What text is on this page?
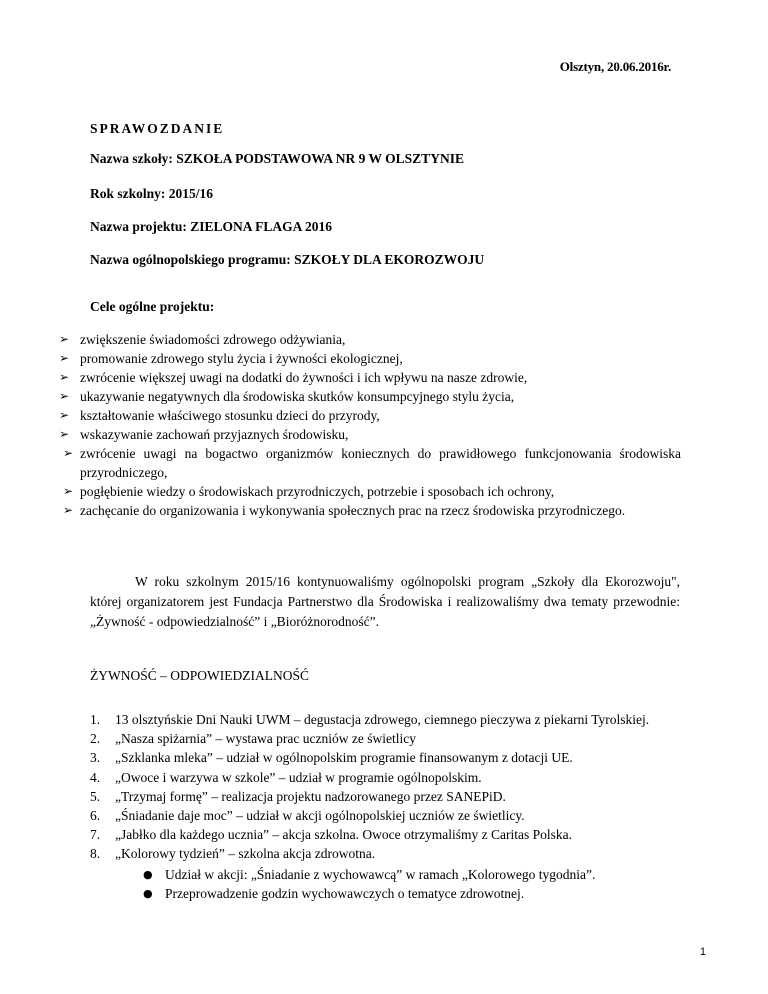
Olsztyn, 20.06.2016r.
SPRAWOZDANIE
Nazwa szkoły: SZKOŁA PODSTAWOWA NR 9 W OLSZTYNIE
Rok szkolny: 2015/16
Nazwa projektu: ZIELONA FLAGA 2016
Nazwa ogólnopolskiego programu: SZKOŁY DLA EKOROZWOJU
Cele ogólne projektu:
➢ zwiększenie świadomości zdrowego odżywiania,
➢ promowanie zdrowego stylu życia i żywności ekologicznej,
➢ zwrócenie większej uwagi na dodatki do żywności i ich wpływu na nasze zdrowie,
➢ ukazywanie negatywnych dla środowiska skutków konsumpcyjnego stylu życia,
➢ kształtowanie właściwego stosunku dzieci do przyrody,
➢ wskazywanie zachowań przyjaznych środowisku,
➢ zwrócenie uwagi na bogactwo organizmów koniecznych do prawidłowego funkcjonowania środowiska przyrodniczego,
➢ pogłębienie wiedzy o środowiskach przyrodniczych, potrzebie i sposobach ich ochrony,
➢ zachęcanie do organizowania i wykonywania społecznych prac na rzecz środowiska przyrodniczego.

W roku szkolnym 2015/16 kontynuowaliśmy ogólnopolski program „Szkoły dla Ekorozwoju", której organizatorem jest Fundacja Partnerstwo dla Środowiska i realizowaliśmy dwa tematy przewodnie: „Żywność - odpowiedzialność” i „Bioróżnorodność”.

ŻYWNOŚĆ – ODPOWIEDZIALNOŚĆ
1. 13 olsztyńskie Dni Nauki UWM – degustacja zdrowego, ciemnego pieczywa z piekarni Tyrolskiej.
2. „Nasza spiżarnia” – wystawa prac uczniów ze świetlicy
3. „Szklanka mleka” – udział w ogólnopolskim programie finansowanym z dotacji UE.
4. „Owoce i warzywa w szkole” – udział w programie ogólnopolskim.
5. „Trzymaj formę” – realizacja projektu nadzorowanego przez SANEPiD.
6. „Śniadanie daje moc” – udział w akcji ogólnopolskiej uczniów ze świetlicy.
7. „Jabłko dla każdego ucznia” – akcja szkolna. Owoce otrzymaliśmy z Caritas Polska.
8. „Kolorowy tydzień” – szkolna akcja zdrowotna.
● Udział w akcji: „Śniadanie z wychowawcą” w ramach „Kolorowego tygodnia”.
● Przeprowadzenie godzin wychowawczych o tematyce zdrowotnej.
1
